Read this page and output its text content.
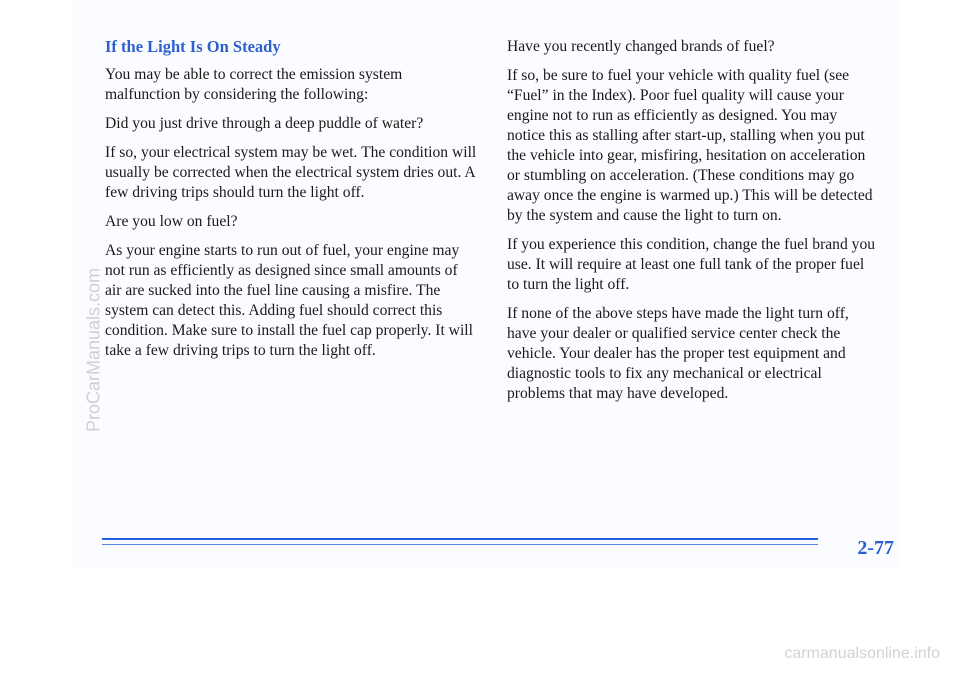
If the Light Is On Steady

You may be able to correct the emission system malfunction by considering the following:

Did you just drive through a deep puddle of water?

If so, your electrical system may be wet. The condition will usually be corrected when the electrical system dries out. A few driving trips should turn the light off.

Are you low on fuel?

As your engine starts to run out of fuel, your engine may not run as efficiently as designed since small amounts of air are sucked into the fuel line causing a misfire. The system can detect this. Adding fuel should correct this condition. Make sure to install the fuel cap properly. It will take a few driving trips to turn the light off.

Have you recently changed brands of fuel?

If so, be sure to fuel your vehicle with quality fuel (see “Fuel” in the Index). Poor fuel quality will cause your engine not to run as efficiently as designed. You may notice this as stalling after start-up, stalling when you put the vehicle into gear, misfiring, hesitation on acceleration or stumbling on acceleration. (These conditions may go away once the engine is warmed up.) This will be detected by the system and cause the light to turn on.

If you experience this condition, change the fuel brand you use. It will require at least one full tank of the proper fuel to turn the light off.

If none of the above steps have made the light turn off, have your dealer or qualified service center check the vehicle. Your dealer has the proper test equipment and diagnostic tools to fix any mechanical or electrical problems that may have developed.

2-77
ProCarManuals.com
carmanualsonline.info
